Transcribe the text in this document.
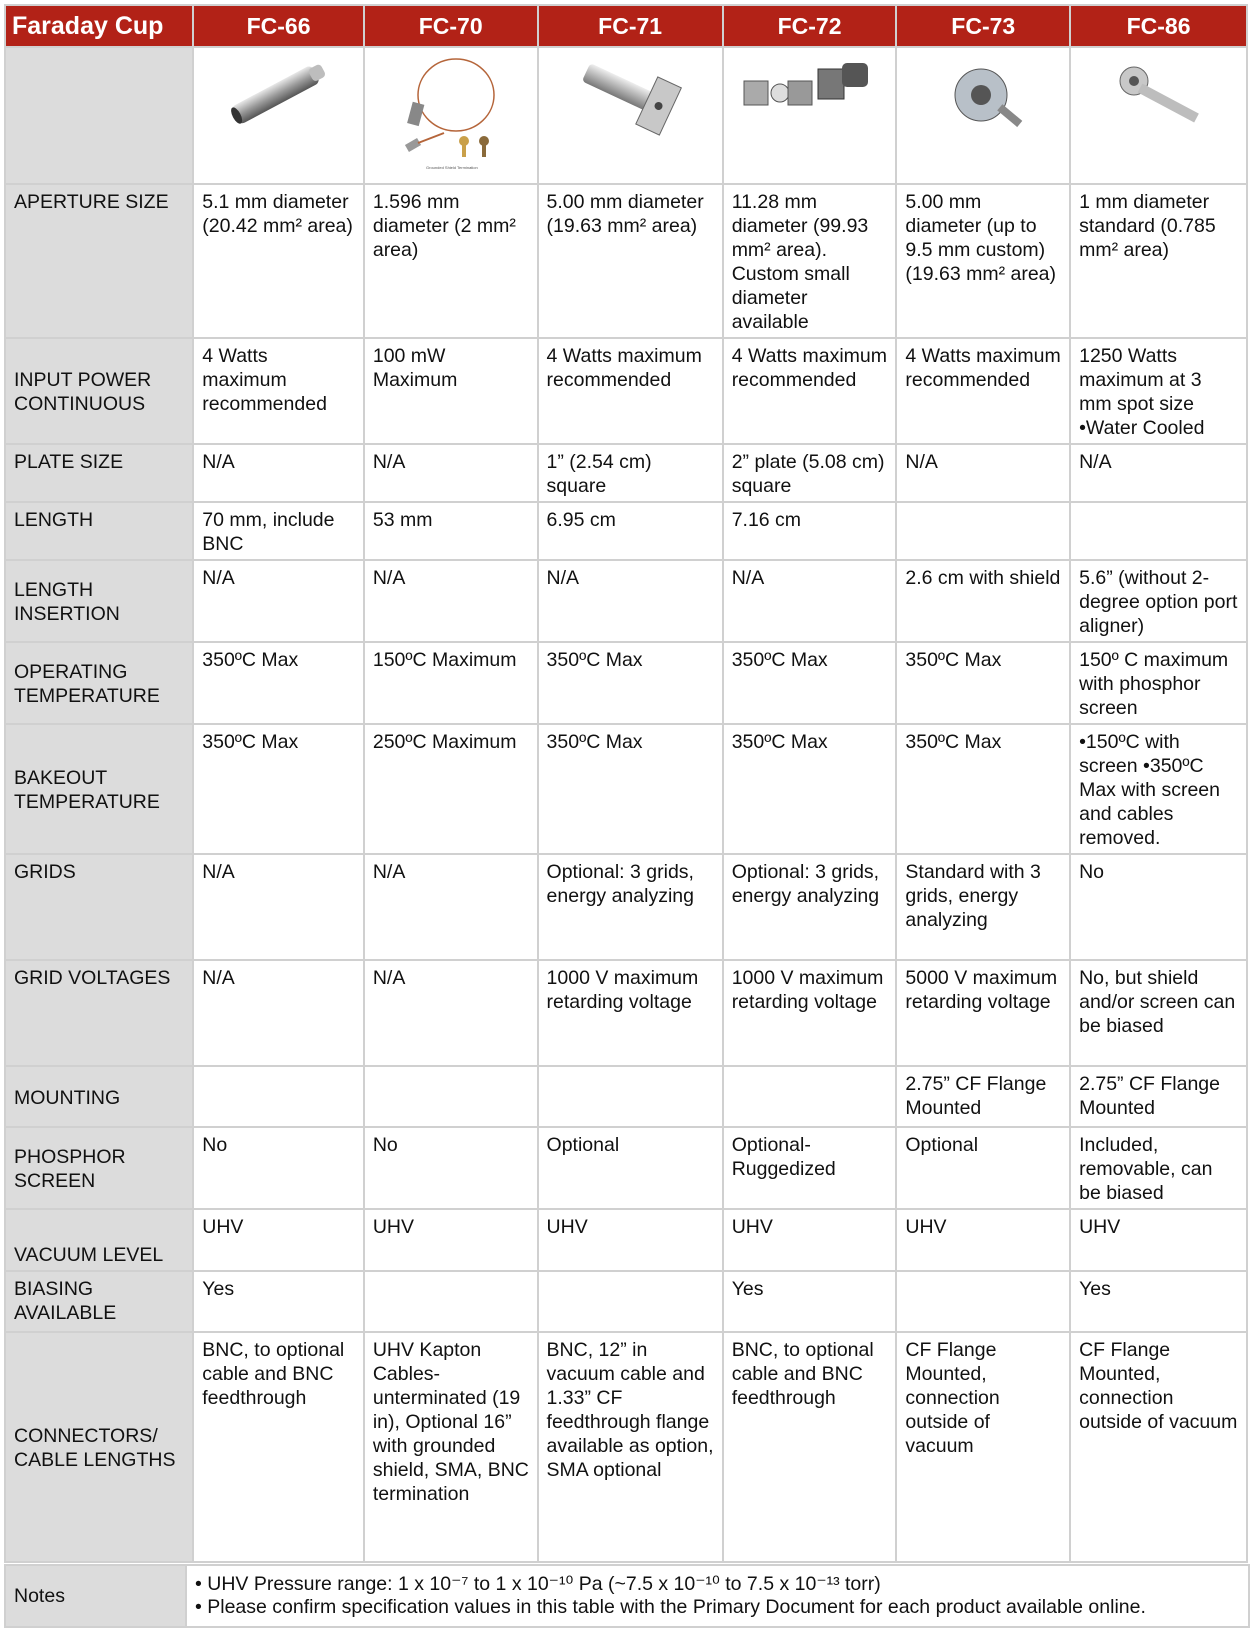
Faraday Cup	FC-66	FC-70	FC-71	FC-72	FC-73	FC-86

Grounded Shield Termination

APERTURE SIZE	5.1 mm diameter (20.42 mm² area)	1.596 mm diameter (2 mm² area)	5.00 mm diameter (19.63 mm² area)	11.28 mm diameter (99.93 mm² area). Custom small diameter available	5.00 mm diameter (up to 9.5 mm custom) (19.63 mm² area)	1 mm diameter standard (0.785 mm² area)
INPUT POWER CONTINUOUS	4 Watts maximum recommended	100 mW Maximum	4 Watts maximum recommended	4 Watts maximum recommended	4 Watts maximum recommended	1250 Watts maximum at 3 mm spot size •Water Cooled
PLATE SIZE	N/A	N/A	1” (2.54 cm) square	2” plate (5.08 cm) square	N/A	N/A
LENGTH	70 mm, include BNC	53 mm	6.95 cm	7.16 cm		
LENGTH INSERTION	N/A	N/A	N/A	N/A	2.6 cm with shield	5.6” (without 2-degree option port aligner)
OPERATING TEMPERATURE	350ºC Max	150ºC Maximum	350ºC Max	350ºC Max	350ºC Max	150º C maximum with phosphor screen
BAKEOUT TEMPERATURE	350ºC Max	250ºC Maximum	350ºC Max	350ºC Max	350ºC Max	•150ºC with screen •350ºC Max with screen and cables removed.
GRIDS	N/A	N/A	Optional: 3 grids, energy analyzing	Optional: 3 grids, energy analyzing	Standard with 3 grids, energy analyzing	No
GRID VOLTAGES	N/A	N/A	1000 V maximum retarding voltage	1000 V maximum retarding voltage	5000 V maximum retarding voltage	No, but shield and/or screen can be biased
MOUNTING					2.75” CF Flange Mounted	2.75” CF Flange Mounted
PHOSPHOR SCREEN	No	No	Optional	Optional-Ruggedized	Optional	Included, removable, can be biased
VACUUM LEVEL	UHV	UHV	UHV	UHV	UHV	UHV
BIASING AVAILABLE	Yes			Yes		Yes
CONNECTORS/ CABLE LENGTHS	BNC, to optional cable and BNC feedthrough	UHV Kapton Cables- unterminated (19 in), Optional 16” with grounded shield, SMA, BNC termination	BNC, 12” in vacuum cable and 1.33” CF feedthrough flange available as option, SMA optional	BNC, to optional cable and BNC feedthrough	CF Flange Mounted, connection outside of vacuum	CF Flange Mounted, connection outside of vacuum
Notes	
• UHV Pressure range: 1 x 10⁻⁷ to 1 x 10⁻¹⁰ Pa (~7.5 x 10⁻¹⁰ to 7.5 x 10⁻¹³ torr)
• Please confirm specification values in this table with the Primary Document for each product available online.
